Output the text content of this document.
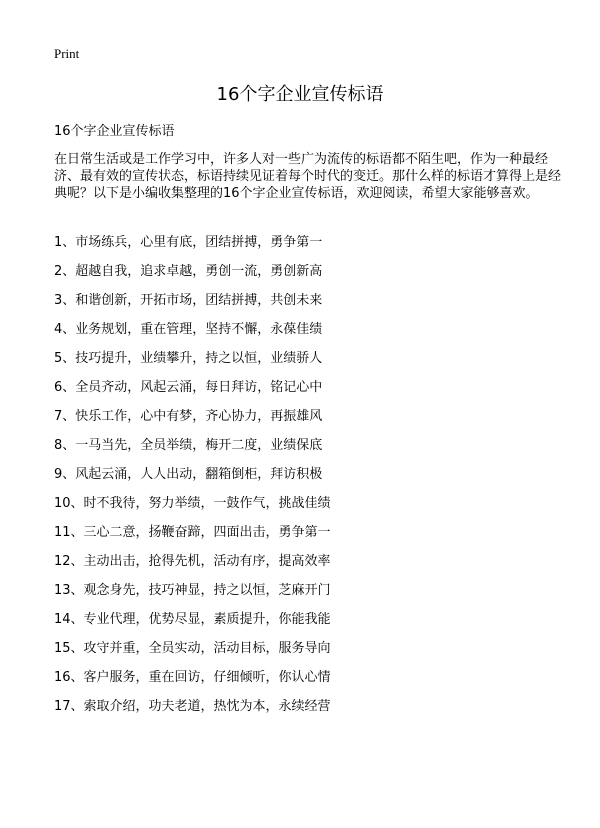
Print
16个字企业宣传标语
16个字企业宣传标语

在日常生活或是工作学习中，许多人对一些广为流传的标语都不陌生吧，作为一种最经济、最有效的宣传状态，标语持续见证着每个时代的变迁。那什么样的标语才算得上是经典呢？以下是小编收集整理的16个字企业宣传标语，欢迎阅读，希望大家能够喜欢。

1、市场练兵，心里有底，团结拼搏，勇争第一
2、超越自我，追求卓越，勇创一流，勇创新高
3、和谐创新，开拓市场，团结拼搏，共创未来
4、业务规划，重在管理，坚持不懈，永葆佳绩
5、技巧提升，业绩攀升，持之以恒，业绩骄人
6、全员齐动，风起云涌，每日拜访，铭记心中
7、快乐工作，心中有梦，齐心协力，再振雄风
8、一马当先，全员举绩，梅开二度，业绩保底
9、风起云涌，人人出动，翻箱倒柜，拜访积极
10、时不我待，努力举绩，一鼓作气，挑战佳绩
11、三心二意，扬鞭奋蹄，四面出击，勇争第一
12、主动出击，抢得先机，活动有序，提高效率
13、观念身先，技巧神显，持之以恒，芝麻开门
14、专业代理，优势尽显，素质提升，你能我能
15、攻守并重，全员实动，活动目标，服务导向
16、客户服务，重在回访，仔细倾听，你认心情
17、索取介绍，功夫老道，热忱为本，永续经营
